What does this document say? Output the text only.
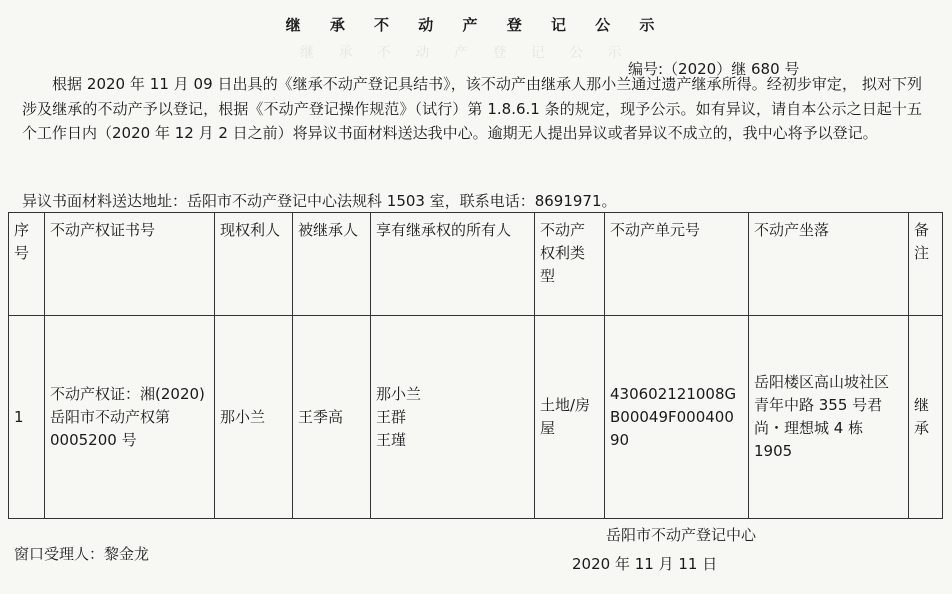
继 承 不 动 产 登 记 公 示
继 承 不 动 产 登 记 公 示
编号:（2020）继 680 号

根据 2020 年 11 月 09 日出具的《继承不动产登记具结书》，该不动产由继承人那小兰通过遗产继承所得。经初步审定， 拟对下列涉及继承的不动产予以登记，根据《不动产登记操作规范》（试行）第 1.8.6.1 条的规定，现予公示。如有异议，请自本公示之日起十五个工作日内（2020 年 12 月 2 日之前）将异议书面材料送达我中心。逾期无人提出异议或者异议不成立的，我中心将予以登记。

异议书面材料送达地址：岳阳市不动产登记中心法规科 1503 室，联系电话：8691971。
序号	不动产权证书号	现权利人	被继承人	享有继承权的所有人	不动产权利类型	不动产单元号	不动产坐落	备注
1	不动产权证：湘(2020)岳阳市不动产权第 0005200 号	那小兰	王季高	那小兰
王群
王瑾	土地/房屋	430602121008GB00049F00040090	岳阳楼区高山坡社区青年中路 355 号君尚・理想城 4 栋 1905	继承
窗口受理人：黎金龙
岳阳市不动产登记中心
2020 年 11 月 11 日
